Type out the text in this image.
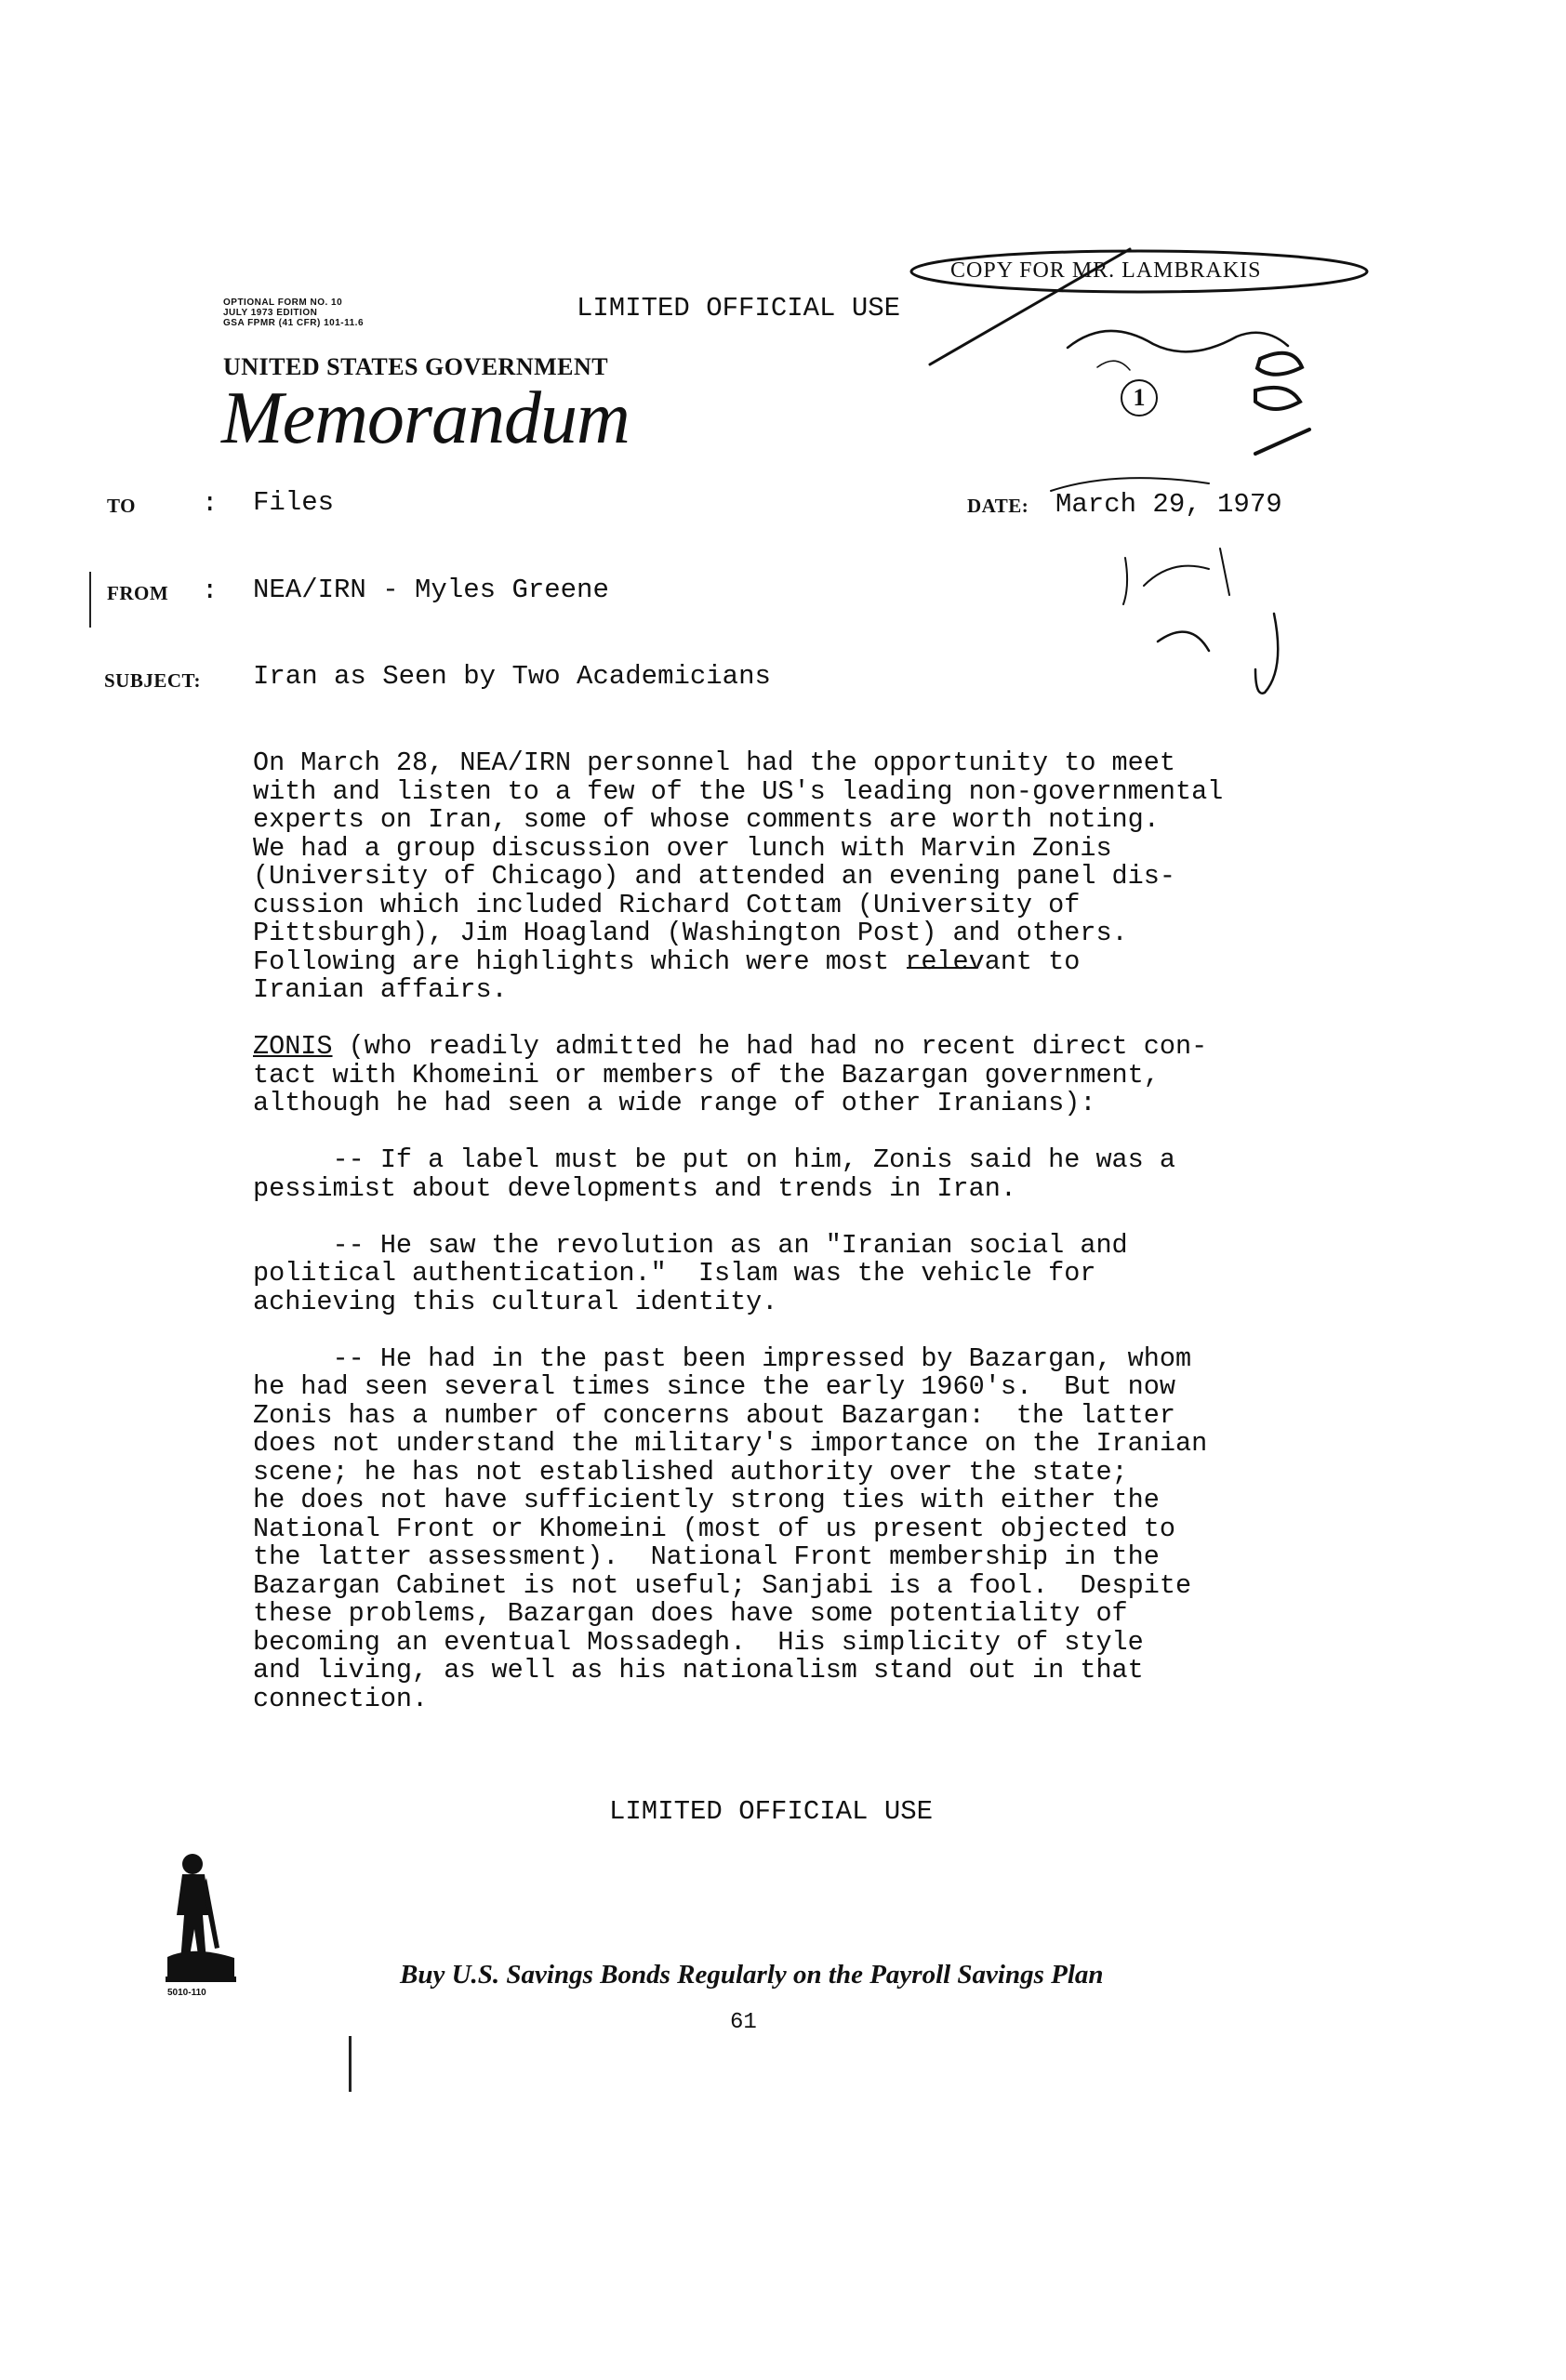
OPTIONAL FORM NO. 10
JULY 1973 EDITION
GSA FPMR (41 CFR) 101-11.6	LIMITED OFFICIAL USE
UNITED STATES GOVERNMENT
Memorandum
COPY FOR MR. LAMBRAKIS
1
TO : Files	DATE: March 29, 1979
FROM : NEA/IRN - Myles Greene
SUBJECT: Iran as Seen by Two Academicians

On March 28, NEA/IRN personnel had the opportunity to meet
with and listen to a few of the US's leading non-governmental
experts on Iran, some of whose comments are worth noting.
We had a group discussion over lunch with Marvin Zonis
(University of Chicago) and attended an evening panel dis-
cussion which included Richard Cottam (University of
Pittsburgh), Jim Hoagland (Washington Post) and others.
Following are highlights which were most relevant to
Iranian affairs.

ZONIS (who readily admitted he had had no recent direct con-
tact with Khomeini or members of the Bazargan government,
although he had seen a wide range of other Iranians):

-- If a label must be put on him, Zonis said he was a
pessimist about developments and trends in Iran.

-- He saw the revolution as an "Iranian social and
political authentication."  Islam was the vehicle for
achieving this cultural identity.

-- He had in the past been impressed by Bazargan, whom
he had seen several times since the early 1960's.  But now
Zonis has a number of concerns about Bazargan:  the latter
does not understand the military's importance on the Iranian
scene; he has not established authority over the state;
he does not have sufficiently strong ties with either the
National Front or Khomeini (most of us present objected to
the latter assessment).  National Front membership in the
Bazargan Cabinet is not useful; Sanjabi is a fool.  Despite
these problems, Bazargan does have some potentiality of
becoming an eventual Mossadegh.  His simplicity of style
and living, as well as his nationalism stand out in that
connection.

LIMITED OFFICIAL USE
5010-110
Buy U.S. Savings Bonds Regularly on the Payroll Savings Plan
61
